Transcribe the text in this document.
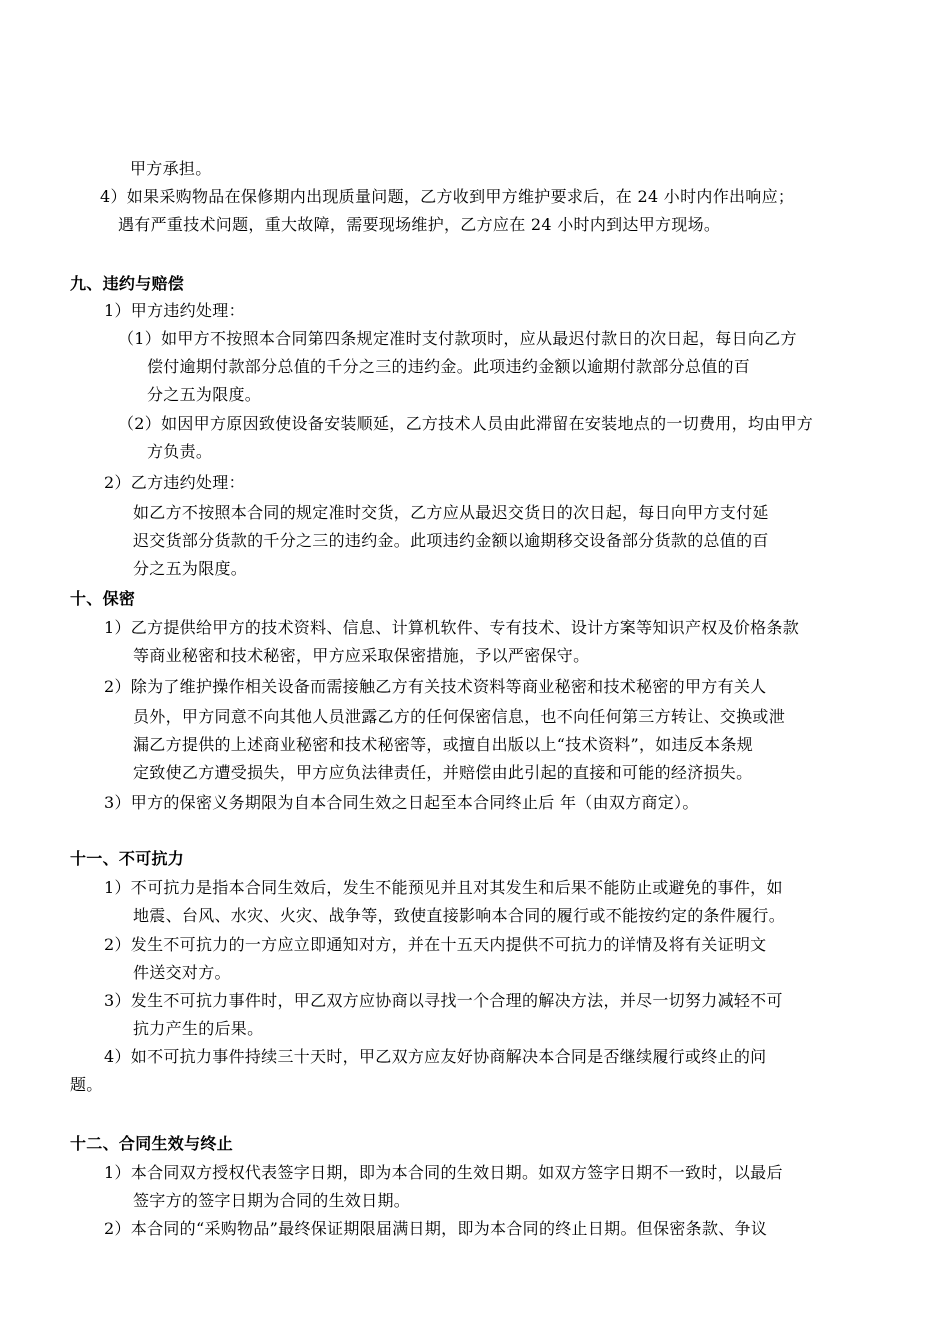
甲方承担。
4）如果采购物品在保修期内出现质量问题，乙方收到甲方维护要求后，在 24 小时内作出响应；
遇有严重技术问题，重大故障，需要现场维护，乙方应在 24 小时内到达甲方现场。
九、违约与赔偿
1）甲方违约处理：
（1）如甲方不按照本合同第四条规定准时支付款项时，应从最迟付款日的次日起，每日向乙方
偿付逾期付款部分总值的千分之三的违约金。此项违约金额以逾期付款部分总值的百
分之五为限度。
（2）如因甲方原因致使设备安装顺延，乙方技术人员由此滞留在安装地点的一切费用，均由甲方
方负责。
2）乙方违约处理：
如乙方不按照本合同的规定准时交货，乙方应从最迟交货日的次日起，每日向甲方支付延
迟交货部分货款的千分之三的违约金。此项违约金额以逾期移交设备部分货款的总值的百
分之五为限度。
十、保密
1）乙方提供给甲方的技术资料、信息、计算机软件、专有技术、设计方案等知识产权及价格条款
等商业秘密和技术秘密，甲方应采取保密措施，予以严密保守。
2）除为了维护操作相关设备而需接触乙方有关技术资料等商业秘密和技术秘密的甲方有关人
员外，甲方同意不向其他人员泄露乙方的任何保密信息，也不向任何第三方转让、交换或泄
漏乙方提供的上述商业秘密和技术秘密等，或擅自出版以上“技术资料”，如违反本条规
定致使乙方遭受损失，甲方应负法律责任，并赔偿由此引起的直接和可能的经济损失。
3）甲方的保密义务期限为自本合同生效之日起至本合同终止后 年（由双方商定）。
十一、不可抗力
1）不可抗力是指本合同生效后，发生不能预见并且对其发生和后果不能防止或避免的事件，如
地震、台风、水灾、火灾、战争等，致使直接影响本合同的履行或不能按约定的条件履行。
2）发生不可抗力的一方应立即通知对方，并在十五天内提供不可抗力的详情及将有关证明文
件送交对方。
3）发生不可抗力事件时，甲乙双方应协商以寻找一个合理的解决方法，并尽一切努力减轻不可
抗力产生的后果。
4）如不可抗力事件持续三十天时，甲乙双方应友好协商解决本合同是否继续履行或终止的问
题。
十二、合同生效与终止
1）本合同双方授权代表签字日期，即为本合同的生效日期。如双方签字日期不一致时，以最后
签字方的签字日期为合同的生效日期。
2）本合同的“采购物品”最终保证期限届满日期，即为本合同的终止日期。但保密条款、争议
